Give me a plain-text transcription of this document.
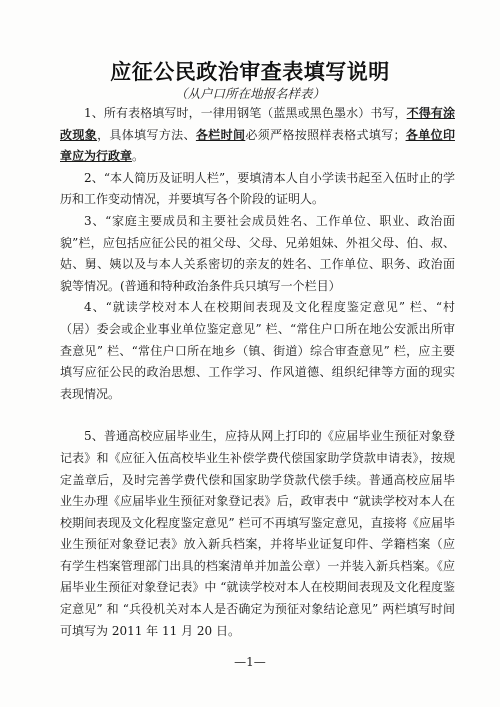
应征公民政治审查表填写说明
（从户口所在地报名样表）

1、所有表格填写时，一律用钢笔（蓝黑或黑色墨水）书写，不得有涂改现象，具体填写方法、各栏时间必须严格按照样表格式填写；各单位印章应为行政章。

2、“本人简历及证明人栏”，要填清本人自小学读书起至入伍时止的学历和工作变动情况，并要填写各个阶段的证明人。

3、“家庭主要成员和主要社会成员姓名、工作单位、职业、政治面貌”栏，应包括应征公民的祖父母、父母、兄弟姐妹、外祖父母、伯、叔、姑、舅、姨以及与本人关系密切的亲友的姓名、工作单位、职务、政治面貌等情况。(普通和特种政治条件兵只填写一个栏目）

4、“就读学校对本人在校期间表现及文化程度鉴定意见” 栏、“村（居）委会或企业事业单位鉴定意见” 栏、“常住户口所在地公安派出所审查意见” 栏、“常住户口所在地乡（镇、街道）综合审查意见” 栏，应主要填写应征公民的政治思想、工作学习、作风道德、组织纪律等方面的现实表现情况。

5、普通高校应届毕业生，应持从网上打印的《应届毕业生预征对象登记表》和《应征入伍高校毕业生补偿学费代偿国家助学贷款申请表》，按规定盖章后，及时完善学费代偿和国家助学贷款代偿手续。普通高校应届毕业生办理《应届毕业生预征对象登记表》后，政审表中 “就读学校对本人在校期间表现及文化程度鉴定意见” 栏可不再填写鉴定意见，直接将《应届毕业生预征对象登记表》放入新兵档案，并将毕业证复印件、学籍档案（应有学生档案管理部门出具的档案清单并加盖公章）一并装入新兵档案。《应届毕业生预征对象登记表》中 “就读学校对本人在校期间表现及文化程度鉴定意见” 和 “兵役机关对本人是否确定为预征对象结论意见” 两栏填写时间可填写为 2011 年 11 月 20 日。

—1—
